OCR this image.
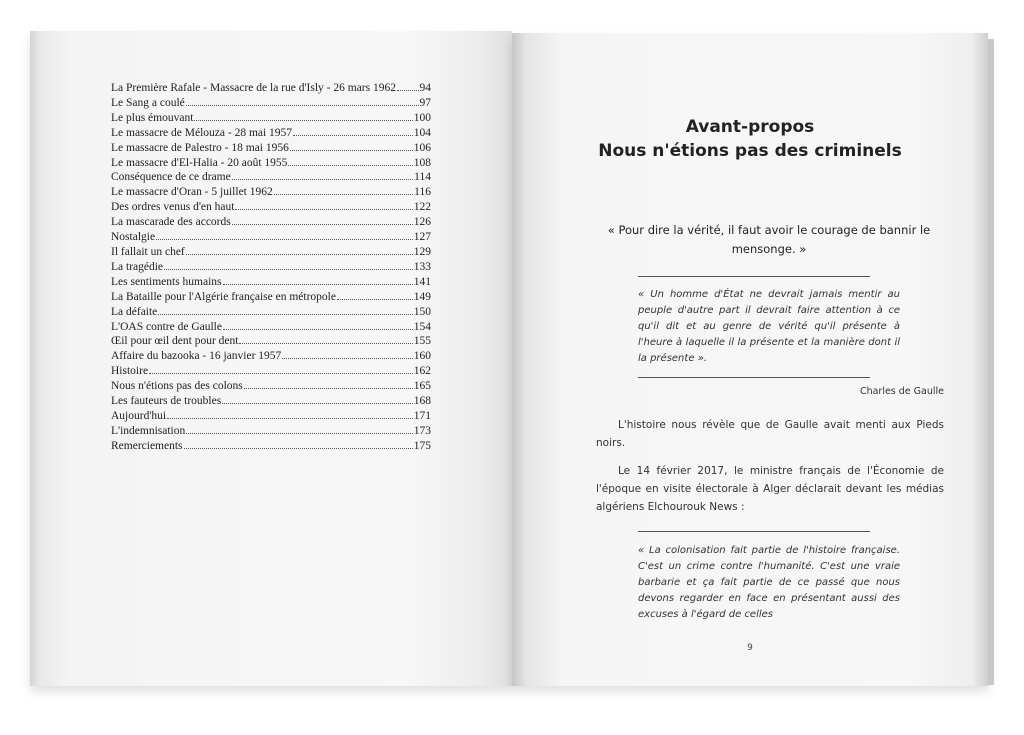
La Première Rafale - Massacre de la rue d'Isly - 26 mars 1962 94
Le Sang a coulé	97
Le plus émouvant	100
Le massacre de Mélouza - 28 mai 1957	104
Le massacre de Palestro - 18 mai 1956	106
Le massacre d'El-Halia - 20 août 1955	108
Conséquence de ce drame	114
Le massacre d'Oran - 5 juillet 1962	116
Des ordres venus d'en haut	122
La mascarade des accords	126
Nostalgie	127
Il fallait un chef	129
La tragédie	133
Les sentiments humains	141
La Bataille pour l'Algérie française en métropole	149
La défaite	150
L'OAS contre de Gaulle	154
Œil pour œil dent pour dent	155
Affaire du bazooka - 16 janvier 1957	160
Histoire	162
Nous n'étions pas des colons	165
Les fauteurs de troubles	168
Aujourd'hui	171
L'indemnisation	173
Remerciements	175
Avant-propos
Nous n'étions pas des criminels
« Pour dire la vérité, il faut avoir le courage de bannir le mensonge. »
« Un homme d'État ne devrait jamais mentir au peuple d'autre part il devrait faire attention à ce qu'il dit et au genre de vérité qu'il présente à l'heure à laquelle il la présente et la manière dont il la présente ».
Charles de Gaulle
L'histoire nous révèle que de Gaulle avait menti aux Pieds noirs.
Le 14 février 2017, le ministre français de l'Économie de l'époque en visite électorale à Alger déclarait devant les médias algériens Elchourouk News :
« La colonisation fait partie de l'histoire française. C'est un crime contre l'humanité. C'est une vraie barbarie et ça fait partie de ce passé que nous devons regarder en face en présentant aussi des excuses à l'égard de celles
9
